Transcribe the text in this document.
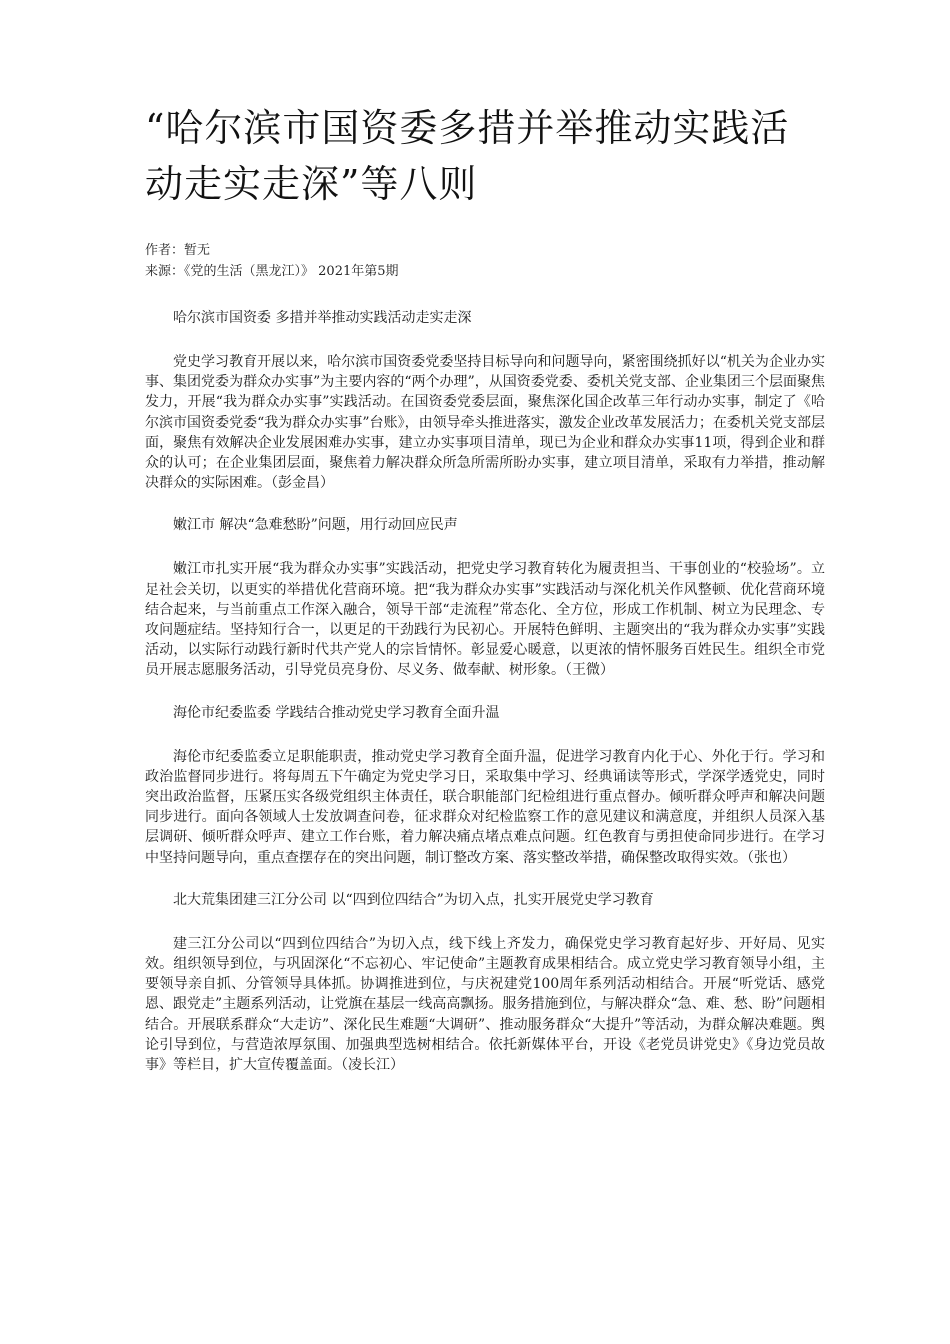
“哈尔滨市国资委多措并举推动实践活动走实走深”等八则
作者：暂无
来源：《党的生活（黑龙江）》 2021年第5期

哈尔滨市国资委 多措并举推动实践活动走实走深

党史学习教育开展以来，哈尔滨市国资委党委坚持目标导向和问题导向，紧密围绕抓好以“机关为企业办实事、集团党委为群众办实事”为主要内容的“两个办理”，从国资委党委、委机关党支部、企业集团三个层面聚焦发力，开展“我为群众办实事”实践活动。在国资委党委层面，聚焦深化国企改革三年行动办实事，制定了《哈尔滨市国资委党委“我为群众办实事”台账》，由领导牵头推进落实，激发企业改革发展活力；在委机关党支部层面，聚焦有效解决企业发展困难办实事，建立办实事项目清单，现已为企业和群众办实事11项，得到企业和群众的认可；在企业集团层面，聚焦着力解决群众所急所需所盼办实事，建立项目清单，采取有力举措，推动解决群众的实际困难。（彭金昌）

嫩江市 解决“急难愁盼”问题，用行动回应民声

嫩江市扎实开展“我为群众办实事”实践活动，把党史学习教育转化为履责担当、干事创业的“校验场”。立足社会关切，以更实的举措优化营商环境。把“我为群众办实事”实践活动与深化机关作风整顿、优化营商环境结合起来，与当前重点工作深入融合，领导干部“走流程”常态化、全方位，形成工作机制、树立为民理念、专攻问题症结。坚持知行合一，以更足的干劲践行为民初心。开展特色鲜明、主题突出的“我为群众办实事”实践活动，以实际行动践行新时代共产党人的宗旨情怀。彰显爱心暖意，以更浓的情怀服务百姓民生。组织全市党员开展志愿服务活动，引导党员亮身份、尽义务、做奉献、树形象。（王微）

海伦市纪委监委 学践结合推动党史学习教育全面升温

海伦市纪委监委立足职能职责，推动党史学习教育全面升温，促进学习教育内化于心、外化于行。学习和政治监督同步进行。将每周五下午确定为党史学习日，采取集中学习、经典诵读等形式，学深学透党史，同时突出政治监督，压紧压实各级党组织主体责任，联合职能部门纪检组进行重点督办。倾听群众呼声和解决问题同步进行。面向各领域人士发放调查问卷，征求群众对纪检监察工作的意见建议和满意度，并组织人员深入基层调研、倾听群众呼声、建立工作台账，着力解决痛点堵点难点问题。红色教育与勇担使命同步进行。在学习中坚持问题导向，重点查摆存在的突出问题，制订整改方案、落实整改举措，确保整改取得实效。（张也）

北大荒集团建三江分公司 以“四到位四结合”为切入点，扎实开展党史学习教育

建三江分公司以“四到位四结合”为切入点，线下线上齐发力，确保党史学习教育起好步、开好局、见实效。组织领导到位，与巩固深化“不忘初心、牢记使命”主题教育成果相结合。成立党史学习教育领导小组，主要领导亲自抓、分管领导具体抓。协调推进到位，与庆祝建党100周年系列活动相结合。开展“听党话、感党恩、跟党走”主题系列活动，让党旗在基层一线高高飘扬。服务措施到位，与解决群众“急、难、愁、盼”问题相结合。开展联系群众“大走访”、深化民生难题“大调研”、推动服务群众“大提升”等活动，为群众解决难题。舆论引导到位，与营造浓厚氛围、加强典型选树相结合。依托新媒体平台，开设《老党员讲党史》《身边党员故事》等栏目，扩大宣传覆盖面。（凌长江）
